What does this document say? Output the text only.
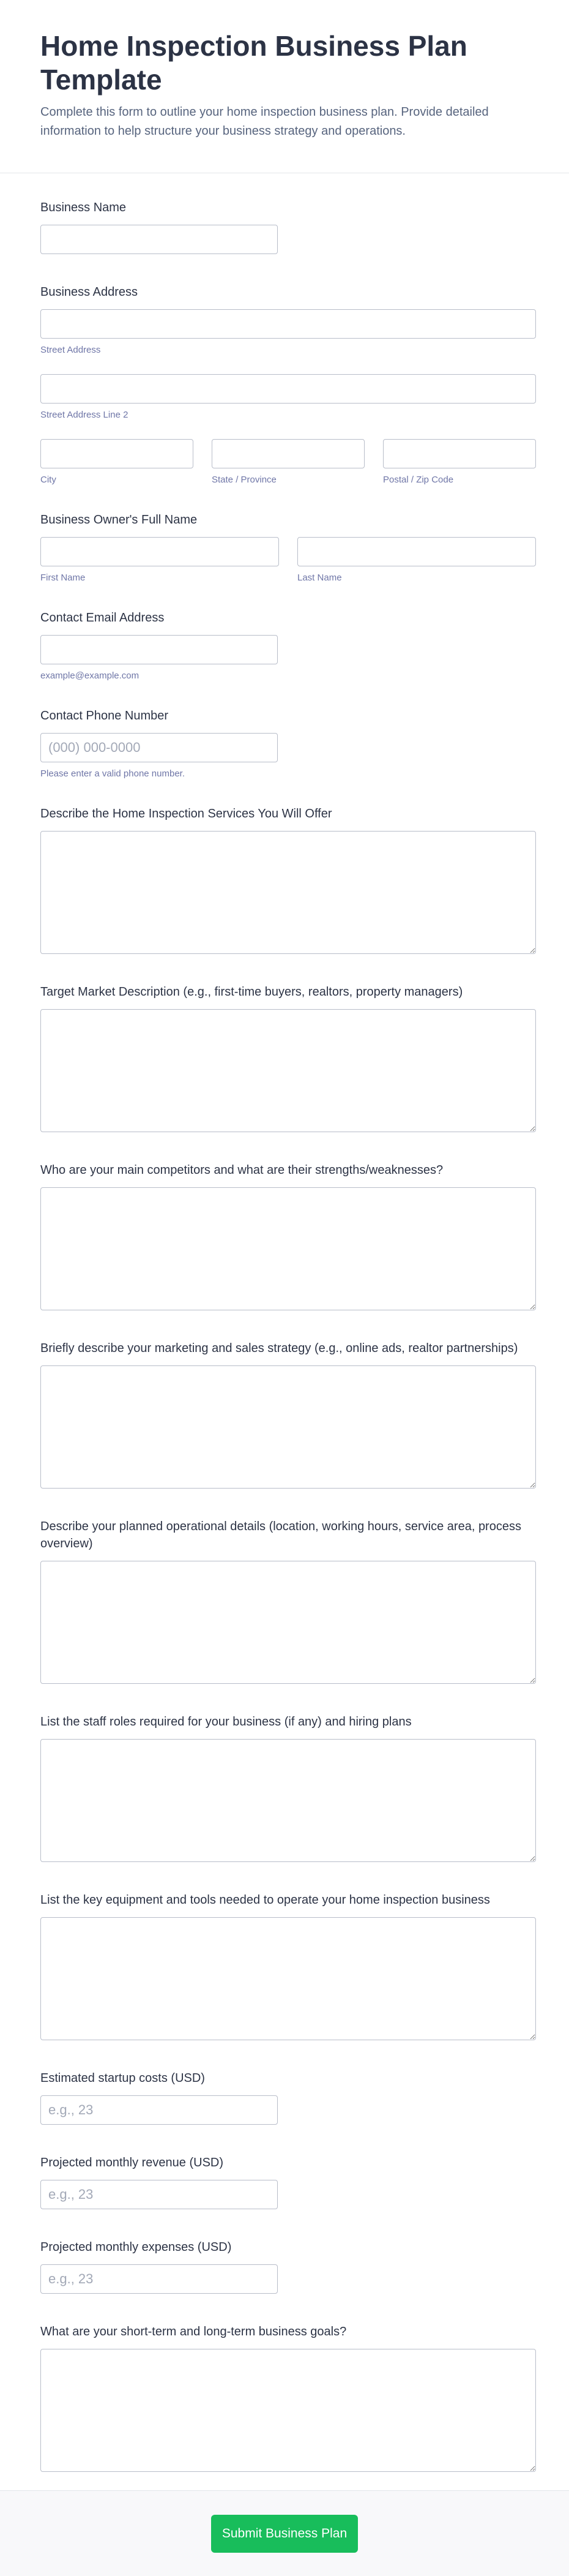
Home Inspection Business Plan Template

Complete this form to outline your home inspection business plan. Provide detailed information to help structure your business strategy and operations.

Business Name
Business Address
Street Address
Street Address Line 2
City	State / Province	Postal / Zip Code
Business Owner's Full Name
First Name	Last Name
Contact Email Address
example@example.com
Contact Phone Number
(000) 000-0000
Please enter a valid phone number.
Describe the Home Inspection Services You Will Offer
Target Market Description (e.g., first-time buyers, realtors, property managers)
Who are your main competitors and what are their strengths/weaknesses?
Briefly describe your marketing and sales strategy (e.g., online ads, realtor partnerships)
Describe your planned operational details (location, working hours, service area, process overview)
List the staff roles required for your business (if any) and hiring plans
List the key equipment and tools needed to operate your home inspection business
Estimated startup costs (USD)
e.g., 23
Projected monthly revenue (USD)
e.g., 23
Projected monthly expenses (USD)
e.g., 23
What are your short-term and long-term business goals?
Submit Business Plan
